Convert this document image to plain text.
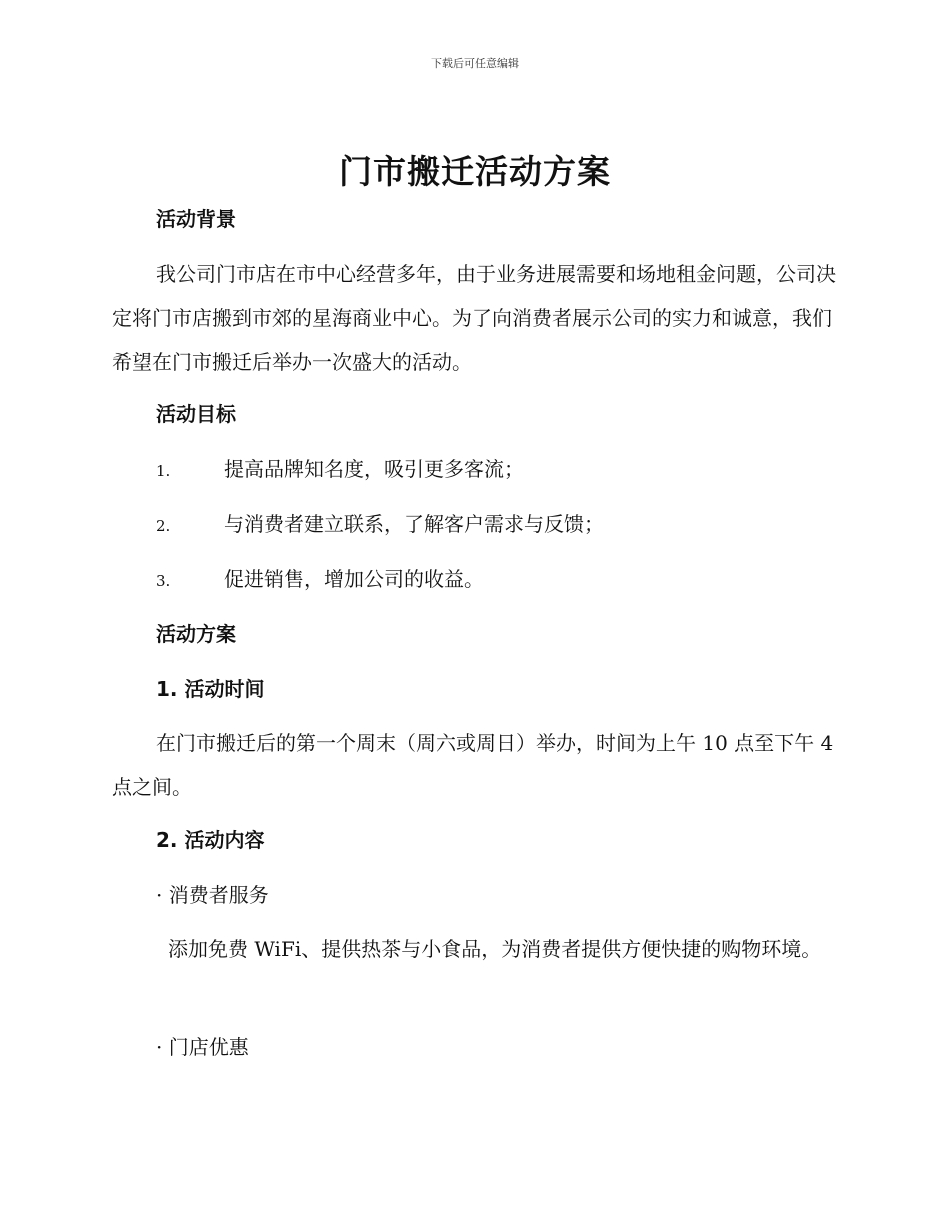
下载后可任意编辑
门市搬迁活动方案
活动背景

我公司门市店在市中心经营多年，由于业务进展需要和场地租金问题，公司决定将门市店搬到市郊的星海商业中心。为了向消费者展示公司的实力和诚意，我们希望在门市搬迁后举办一次盛大的活动。

活动目标
1.	提高品牌知名度，吸引更多客流；
2.	与消费者建立联系，了解客户需求与反馈；
3.	促进销售，增加公司的收益。
活动方案
1. 活动时间

在门市搬迁后的第一个周末（周六或周日）举办，时间为上午 10 点至下午 4 点之间。

2. 活动内容
· 消费者服务

添加免费 WiFi、提供热茶与小食品，为消费者提供方便快捷的购物环境。

· 门店优惠
